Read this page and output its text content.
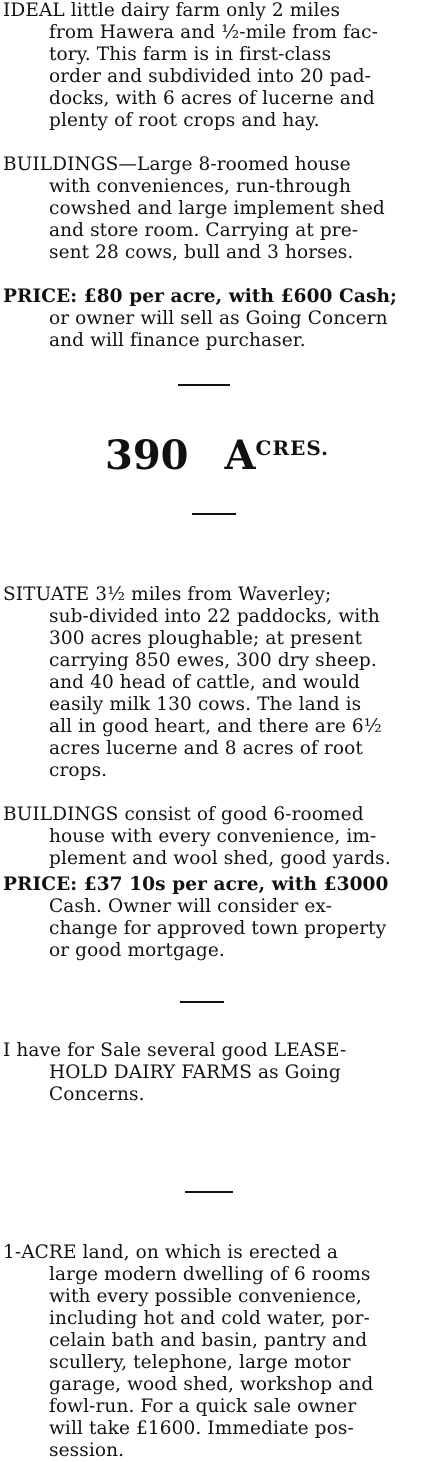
IDEAL little dairy farm only 2 miles
from Hawera and ½-mile from fac-
tory. This farm is in first-class
order and subdivided into 20 pad-
docks, with 6 acres of lucerne and
plenty of root crops and hay.
BUILDINGS—Large 8-roomed house
with conveniences, run-through
cowshed and large implement shed
and store room. Carrying at pre-
sent 28 cows, bull and 3 horses.
PRICE: £80 per acre, with £600 Cash;
or owner will sell as Going Concern
and will finance purchaser.
390 ACRES.
SITUATE 3½ miles from Waverley;
sub-divided into 22 paddocks, with
300 acres ploughable; at present
carrying 850 ewes, 300 dry sheep.
and 40 head of cattle, and would
easily milk 130 cows. The land is
all in good heart, and there are 6½
acres lucerne and 8 acres of root
crops.
BUILDINGS consist of good 6-roomed
house with every convenience, im-
plement and wool shed, good yards.
PRICE: £37 10s per acre, with £3000
Cash. Owner will consider ex-
change for approved town property
or good mortgage.
I have for Sale several good LEASE-
HOLD DAIRY FARMS as Going
Concerns.
1-ACRE land, on which is erected a
large modern dwelling of 6 rooms
with every possible convenience,
including hot and cold water, por-
celain bath and basin, pantry and
scullery, telephone, large motor
garage, wood shed, workshop and
fowl-run. For a quick sale owner
will take £1600. Immediate pos-
session.
